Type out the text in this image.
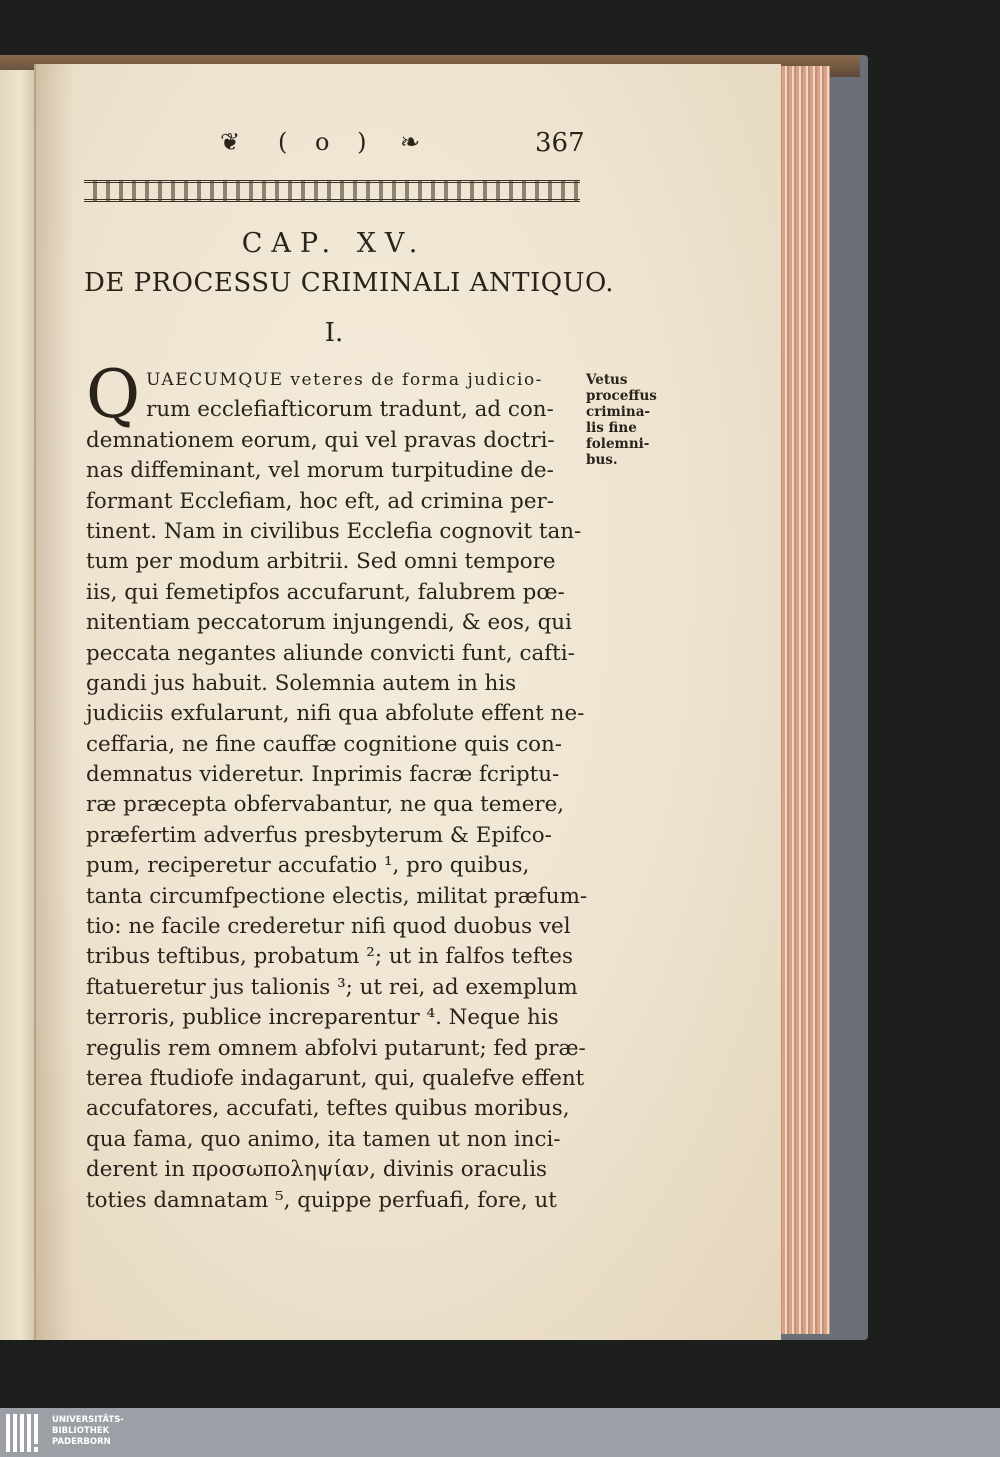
❦ ( o ) ❧	367
CAP. XV.
DE PROCESSU CRIMINALI ANTIQUO.
I.
Q UAECUMQUE veteres de forma judicio-
rum ecclefiafticorum tradunt, ad con-
demnationem eorum, qui vel pravas doctri-
nas diffeminant, vel morum turpitudine de-
formant Ecclefiam, hoc eft, ad crimina per-
tinent. Nam in civilibus Ecclefia cognovit tan-
tum per modum arbitrii. Sed omni tempore
iis, qui femetipfos accufarunt, falubrem pœ-
nitentiam peccatorum injungendi, & eos, qui
peccata negantes aliunde convicti funt, cafti-
gandi jus habuit. Solemnia autem in his
judiciis exfularunt, nifi qua abfolute effent ne-
ceffaria, ne fine cauffæ cognitione quis con-
demnatus videretur. Inprimis facræ fcriptu-
ræ præcepta obfervabantur, ne qua temere,
præfertim adverfus presbyterum & Epifco-
pum, reciperetur accufatio ¹, pro quibus,
tanta circumfpectione electis, militat præfum-
tio: ne facile crederetur nifi quod duobus vel
tribus teftibus, probatum ²; ut in falfos teftes
ftatueretur jus talionis ³; ut rei, ad exemplum
terroris, publice increparentur ⁴. Neque his
regulis rem omnem abfolvi putarunt; fed præ-
terea ftudiofe indagarunt, qui, qualefve effent
accufatores, accufati, teftes quibus moribus,
qua fama, quo animo, ita tamen ut non inci-
derent in προσωποληψίαν, divinis oraculis
toties damnatam ⁵, quippe perfuafi, fore, ut
Vetus
proceffus
crimina-
lis fine
folemni-
bus.
UNIVERSITÄTS-
BIBLIOTHEK
PADERBORN
